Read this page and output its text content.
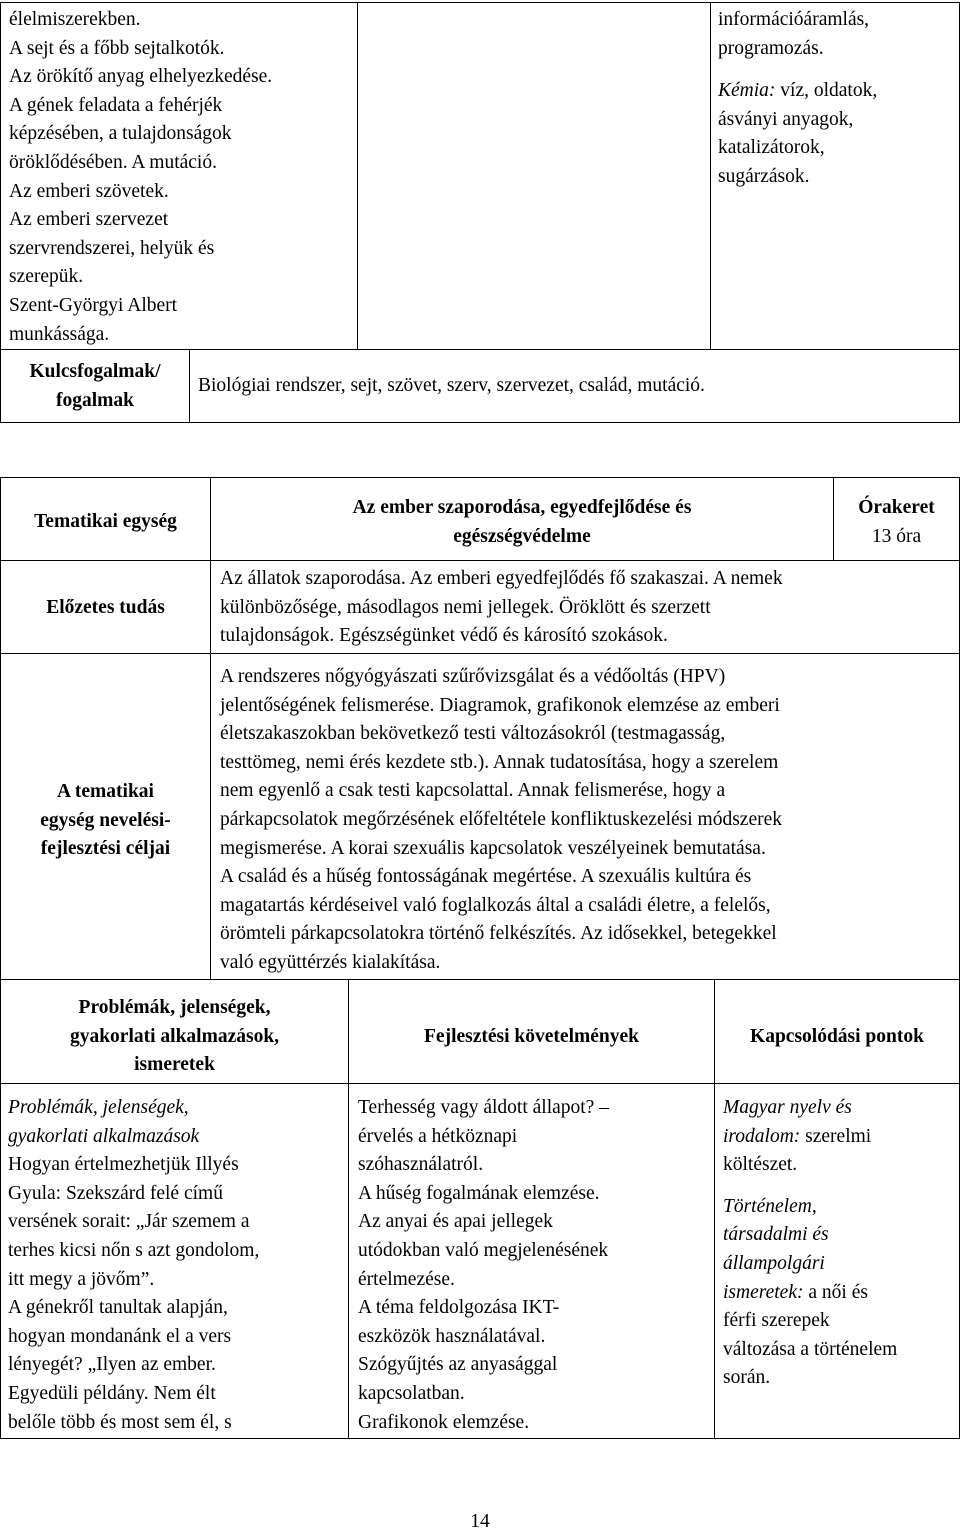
élelmiszerekben.
A sejt és a főbb sejtalkotók.
Az örökítő anyag elhelyezkedése.
A gének feladata a fehérjék
képzésében, a tulajdonságok
öröklődésében. A mutáció.
Az emberi szövetek.
Az emberi szervezet
szervrendszerei, helyük és
szerepük.
Szent-Györgyi Albert
munkássága.
információáramlás,
programozás.
Kémia: víz, oldatok,
ásványi anyagok,
katalizátorok,
sugárzások.
Kulcsfogalmak/
fogalmak
Biológiai rendszer, sejt, szövet, szerv, szervezet, család, mutáció.
Tematikai egység
Az ember szaporodása, egyedfejlődése és
egészségvédelme
Órakeret
13 óra
Előzetes tudás
Az állatok szaporodása. Az emberi egyedfejlődés fő szakaszai. A nemek
különbözősége, másodlagos nemi jellegek. Öröklött és szerzett
tulajdonságok. Egészségünket védő és károsító szokások.
A tematikai
egység nevelési-
fejlesztési céljai
A rendszeres nőgyógyászati szűrővizsgálat és a védőoltás (HPV)
jelentőségének felismerése. Diagramok, grafikonok elemzése az emberi
életszakaszokban bekövetkező testi változásokról (testmagasság,
testtömeg, nemi érés kezdete stb.). Annak tudatosítása, hogy a szerelem
nem egyenlő a csak testi kapcsolattal. Annak felismerése, hogy a
párkapcsolatok megőrzésének előfeltétele konfliktuskezelési módszerek
megismerése. A korai szexuális kapcsolatok veszélyeinek bemutatása.
A család és a hűség fontosságának megértése. A szexuális kultúra és
magatartás kérdéseivel való foglalkozás által a családi életre, a felelős,
örömteli párkapcsolatokra történő felkészítés. Az idősekkel, betegekkel
való együttérzés kialakítása.
Problémák, jelenségek,
gyakorlati alkalmazások,
ismeretek
Fejlesztési követelmények	Kapcsolódási pontok
Problémák, jelenségek,
gyakorlati alkalmazások
Hogyan értelmezhetjük Illyés
Gyula: Szekszárd felé című
versének sorait: „Jár szemem a
terhes kicsi nőn s azt gondolom,
itt megy a jövőm”.
A génekről tanultak alapján,
hogyan mondanánk el a vers
lényegét? „Ilyen az ember.
Egyedüli példány. Nem élt
belőle több és most sem él, s
Terhesség vagy áldott állapot? –
érvelés a hétköznapi
szóhasználatról.
A hűség fogalmának elemzése.
Az anyai és apai jellegek
utódokban való megjelenésének
értelmezése.
A téma feldolgozása IKT-
eszközök használatával.
Szógyűjtés az anyasággal
kapcsolatban.
Grafikonok elemzése.
Magyar nyelv és
irodalom: szerelmi
költészet.
Történelem,
társadalmi és
állampolgári
ismeretek: a női és
férfi szerepek
változása a történelem
során.
14
